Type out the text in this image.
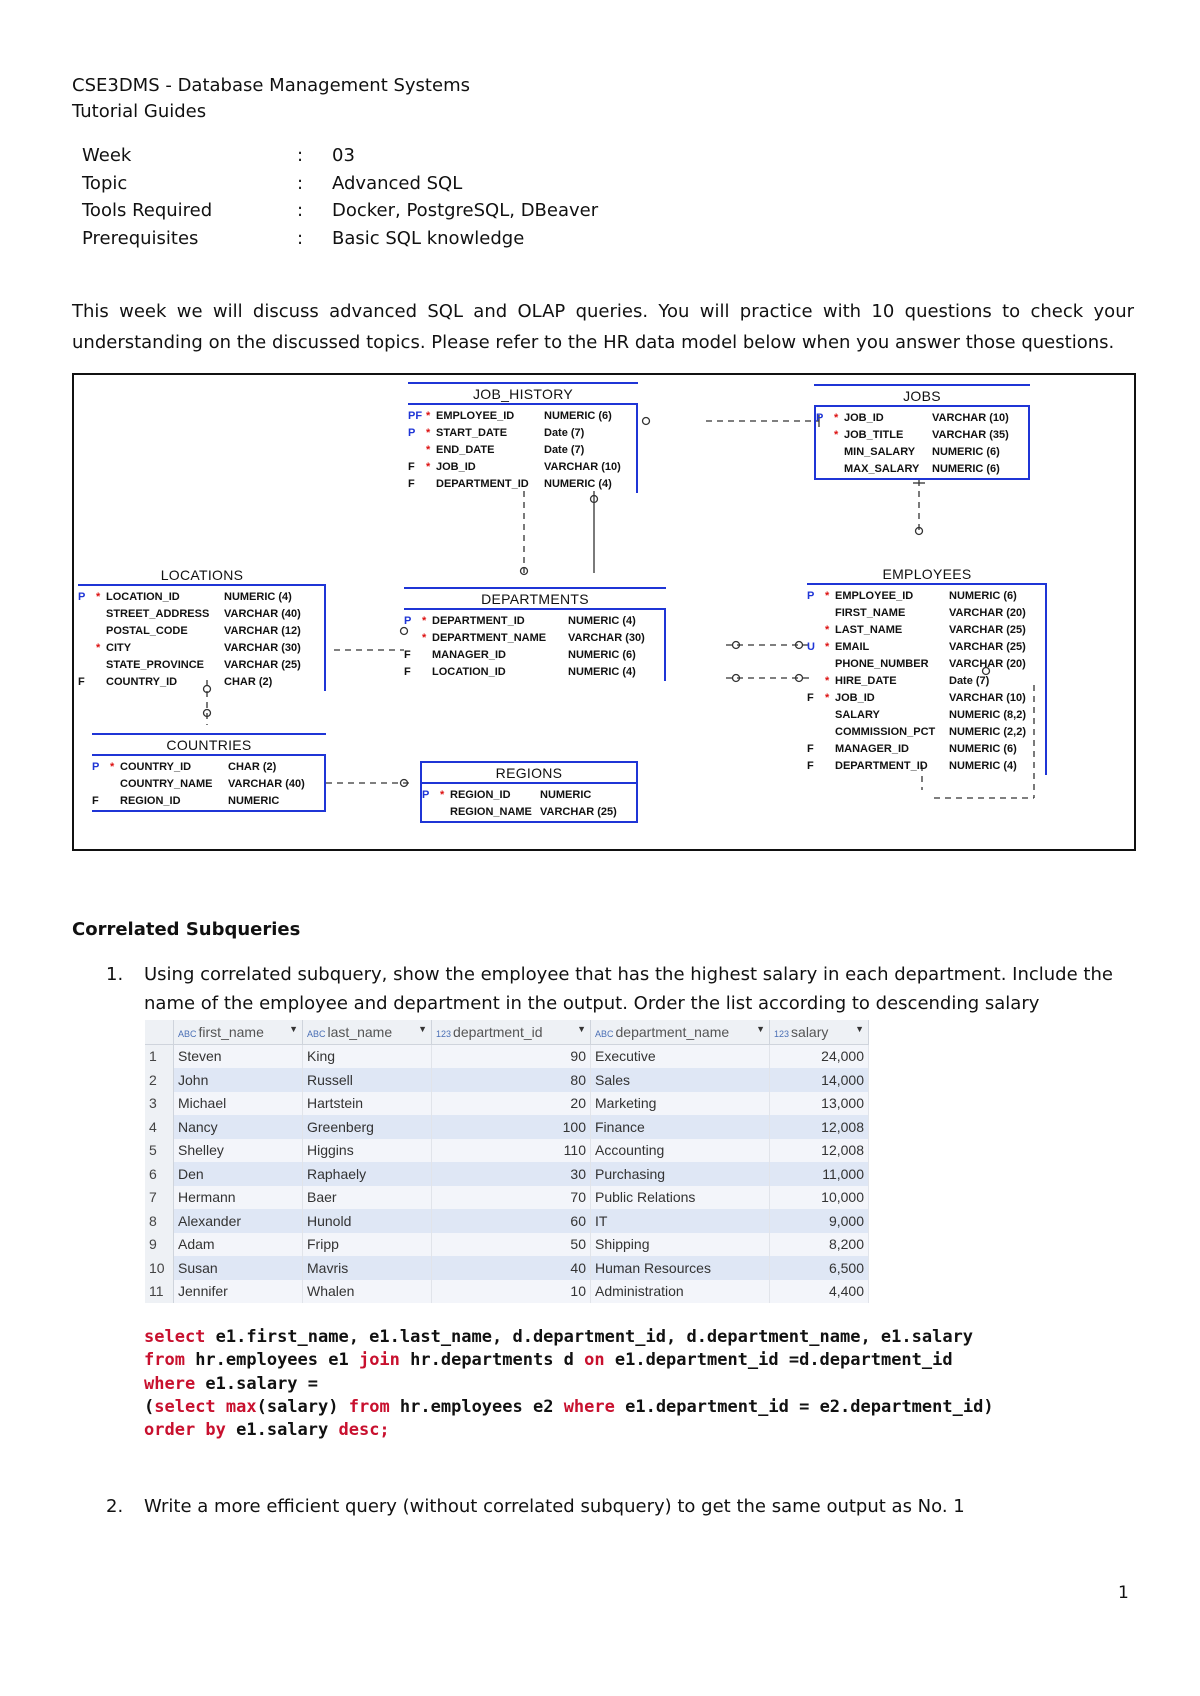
CSE3DMS - Database Management Systems
Tutorial Guides
Week	:	03
Topic	:	Advanced SQL
Tools Required	:	Docker, PostgreSQL, DBeaver
Prerequisites	:	Basic SQL knowledge
This week we will discuss advanced SQL and OLAP queries. You will practice with 10 questions to check your understanding on the discussed topics. Please refer to the HR data model below when you answer those questions.
JOB_HISTORY
PF * EMPLOYEE_ID	NUMERIC (6)
P * START_DATE	Date (7)
* END_DATE	Date (7)
F	* JOB_ID	VARCHAR (10)
F	DEPARTMENT_ID	NUMERIC (4)
JOBS
P * JOB_ID	VARCHAR (10)
* JOB_TITLE	VARCHAR (35)
MIN_SALARY	NUMERIC (6)
MAX_SALARY	NUMERIC (6)
LOCATIONS
P * LOCATION_ID	NUMERIC (4)
STREET_ADDRESS	VARCHAR (40)
POSTAL_CODE	VARCHAR (12)
* CITY	VARCHAR (30)
STATE_PROVINCE	VARCHAR (25)
F	COUNTRY_ID	CHAR (2)
DEPARTMENTS
P * DEPARTMENT_ID	NUMERIC (4)
* DEPARTMENT_NAME	VARCHAR (30)
F	MANAGER_ID	NUMERIC (6)
F	LOCATION_ID	NUMERIC (4)
EMPLOYEES
P * EMPLOYEE_ID	NUMERIC (6)
FIRST_NAME	VARCHAR (20)
* LAST_NAME	VARCHAR (25)
U * EMAIL	VARCHAR (25)
PHONE_NUMBER	VARCHAR (20)
* HIRE_DATE	Date (7)
F	* JOB_ID	VARCHAR (10)
SALARY	NUMERIC (8,2)
COMMISSION_PCT	NUMERIC (2,2)
F	MANAGER_ID	NUMERIC (6)
F	DEPARTMENT_ID	NUMERIC (4)
COUNTRIES
P * COUNTRY_ID	CHAR (2)
COUNTRY_NAME	VARCHAR (40)
F	REGION_ID	NUMERIC
REGIONS
P * REGION_ID	NUMERIC
REGION_NAME VARCHAR (25)
Correlated Subqueries
1. Using correlated subquery, show the employee that has the highest salary in each department. Include the name of the employee and department in the output. Order the list according to descending salary
	ABC first_name ▼	ABC last_name ▼	123 department_id ▼	ABC department_name ▼	123 salary ▼

1	Steven	King	90	Executive	24,000
2	John	Russell	80	Sales	14,000
3	Michael	Hartstein	20	Marketing	13,000
4	Nancy	Greenberg	100	Finance	12,008
5	Shelley	Higgins	110	Accounting	12,008
6	Den	Raphaely	30	Purchasing	11,000
7	Hermann	Baer	70	Public Relations	10,000
8	Alexander	Hunold	60	IT	9,000
9	Adam	Fripp	50	Shipping	8,200
10	Susan	Mavris	40	Human Resources	6,500
11	Jennifer	Whalen	10	Administration	4,400
select e1.first_name, e1.last_name, d.department_id, d.department_name, e1.salary
from hr.employees e1 join hr.departments d on e1.department_id =d.department_id
where e1.salary =
(select max(salary) from hr.employees e2 where e1.department_id = e2.department_id)
order by e1.salary desc;
2. Write a more efficient query (without correlated subquery) to get the same output as No. 1
1
